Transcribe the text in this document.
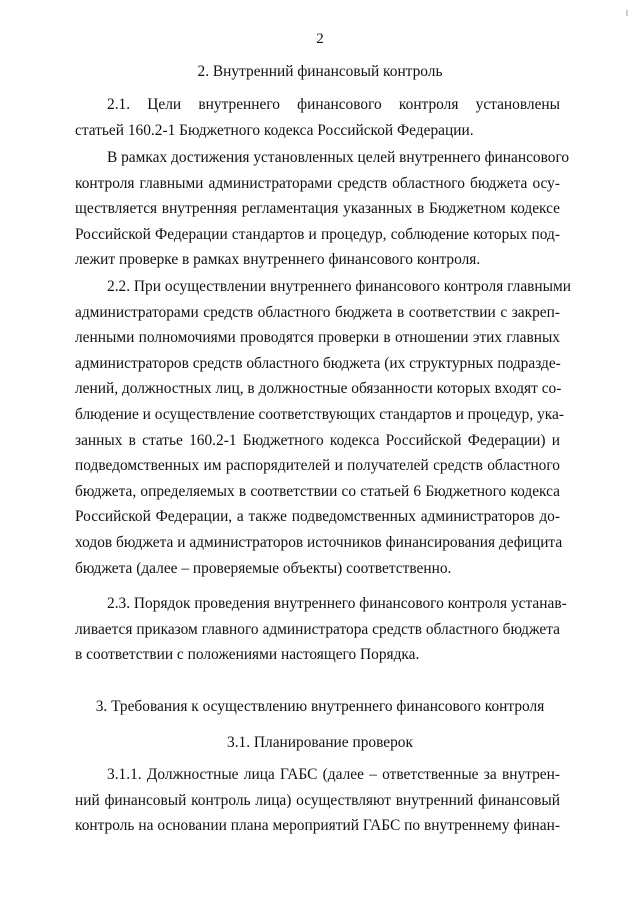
2
2. Внутренний финансовый контроль
2.1. Цели внутреннего финансового контроля установлены
статьей 160.2-1 Бюджетного кодекса Российской Федерации.
В рамках достижения установленных целей внутреннего финансового
контроля главными администраторами средств областного бюджета осу-
ществляется внутренняя регламентация указанных в Бюджетном кодексе
Российской Федерации стандартов и процедур, соблюдение которых под-
лежит проверке в рамках внутреннего финансового контроля.
2.2. При осуществлении внутреннего финансового контроля главными
администраторами средств областного бюджета в соответствии с закреп-
ленными полномочиями проводятся проверки в отношении этих главных
администраторов средств областного бюджета (их структурных подразде-
лений, должностных лиц, в должностные обязанности которых входят со-
блюдение и осуществление соответствующих стандартов и процедур, ука-
занных в статье 160.2-1 Бюджетного кодекса Российской Федерации) и
подведомственных им распорядителей и получателей средств областного
бюджета, определяемых в соответствии со статьей 6 Бюджетного кодекса
Российской Федерации, а также подведомственных администраторов до-
ходов бюджета и администраторов источников финансирования дефицита
бюджета (далее – проверяемые объекты) соответственно.
2.3. Порядок проведения внутреннего финансового контроля устанав-
ливается приказом главного администратора средств областного бюджета
в соответствии с положениями настоящего Порядка.
3. Требования к осуществлению внутреннего финансового контроля
3.1. Планирование проверок
3.1.1. Должностные лица ГАБС (далее – ответственные за внутрен-
ний финансовый контроль лица) осуществляют внутренний финансовый
контроль на основании плана мероприятий ГАБС по внутреннему финан-
